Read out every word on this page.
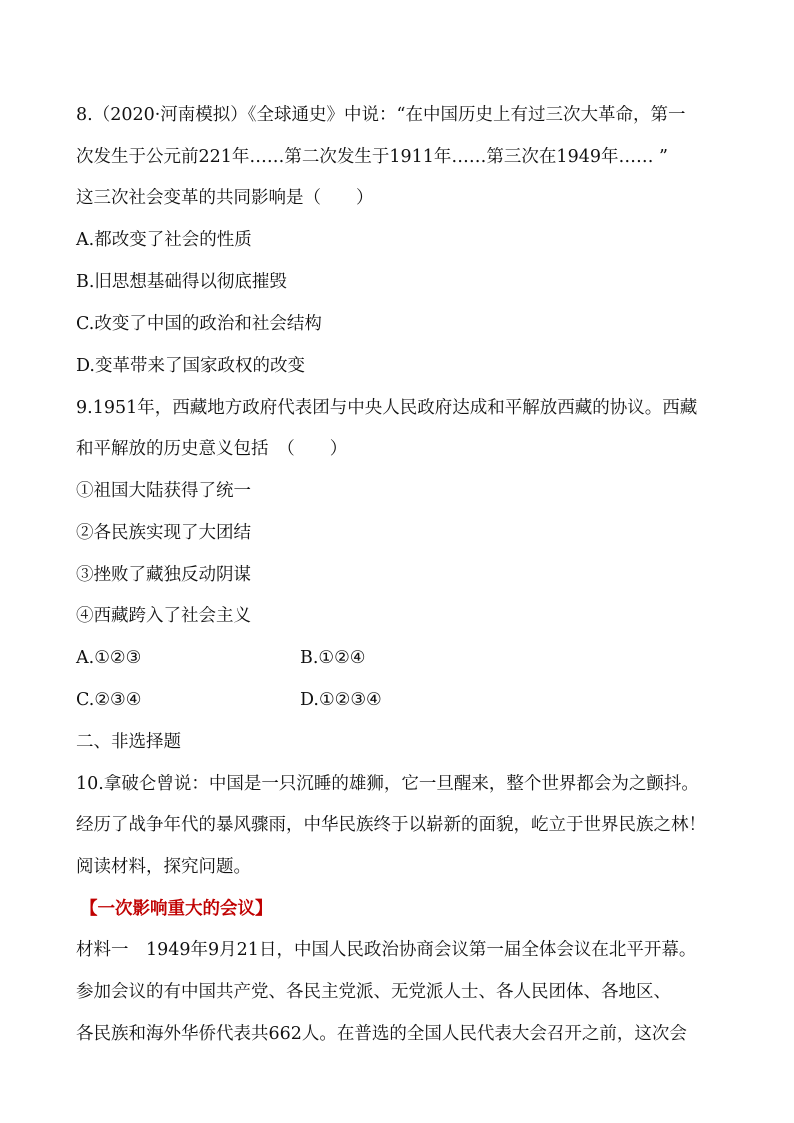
8.（2020·河南模拟）《全球通史》中说：“在中国历史上有过三次大革命，第一
次发生于公元前221年……第二次发生于1911年……第三次在1949年…… ”
这三次社会变革的共同影响是（　　）
A.都改变了社会的性质
B.旧思想基础得以彻底摧毁
C.改变了中国的政治和社会结构
D.变革带来了国家政权的改变
9.1951年，西藏地方政府代表团与中央人民政府达成和平解放西藏的协议。西藏
和平解放的历史意义包括　（　　）
①祖国大陆获得了统一
②各民族实现了大团结
③挫败了藏独反动阴谋
④西藏跨入了社会主义
A.①②③	B.①②④
C.②③④	D.①②③④
二、非选择题
10.拿破仑曾说：中国是一只沉睡的雄狮，它一旦醒来，整个世界都会为之颤抖。
经历了战争年代的暴风骤雨，中华民族终于以崭新的面貌，屹立于世界民族之林！
阅读材料，探究问题。
【一次影响重大的会议】
材料一　1949年9月21日，中国人民政治协商会议第一届全体会议在北平开幕。
参加会议的有中国共产党、各民主党派、无党派人士、各人民团体、各地区、
各民族和海外华侨代表共662人。在普选的全国人民代表大会召开之前，这次会
